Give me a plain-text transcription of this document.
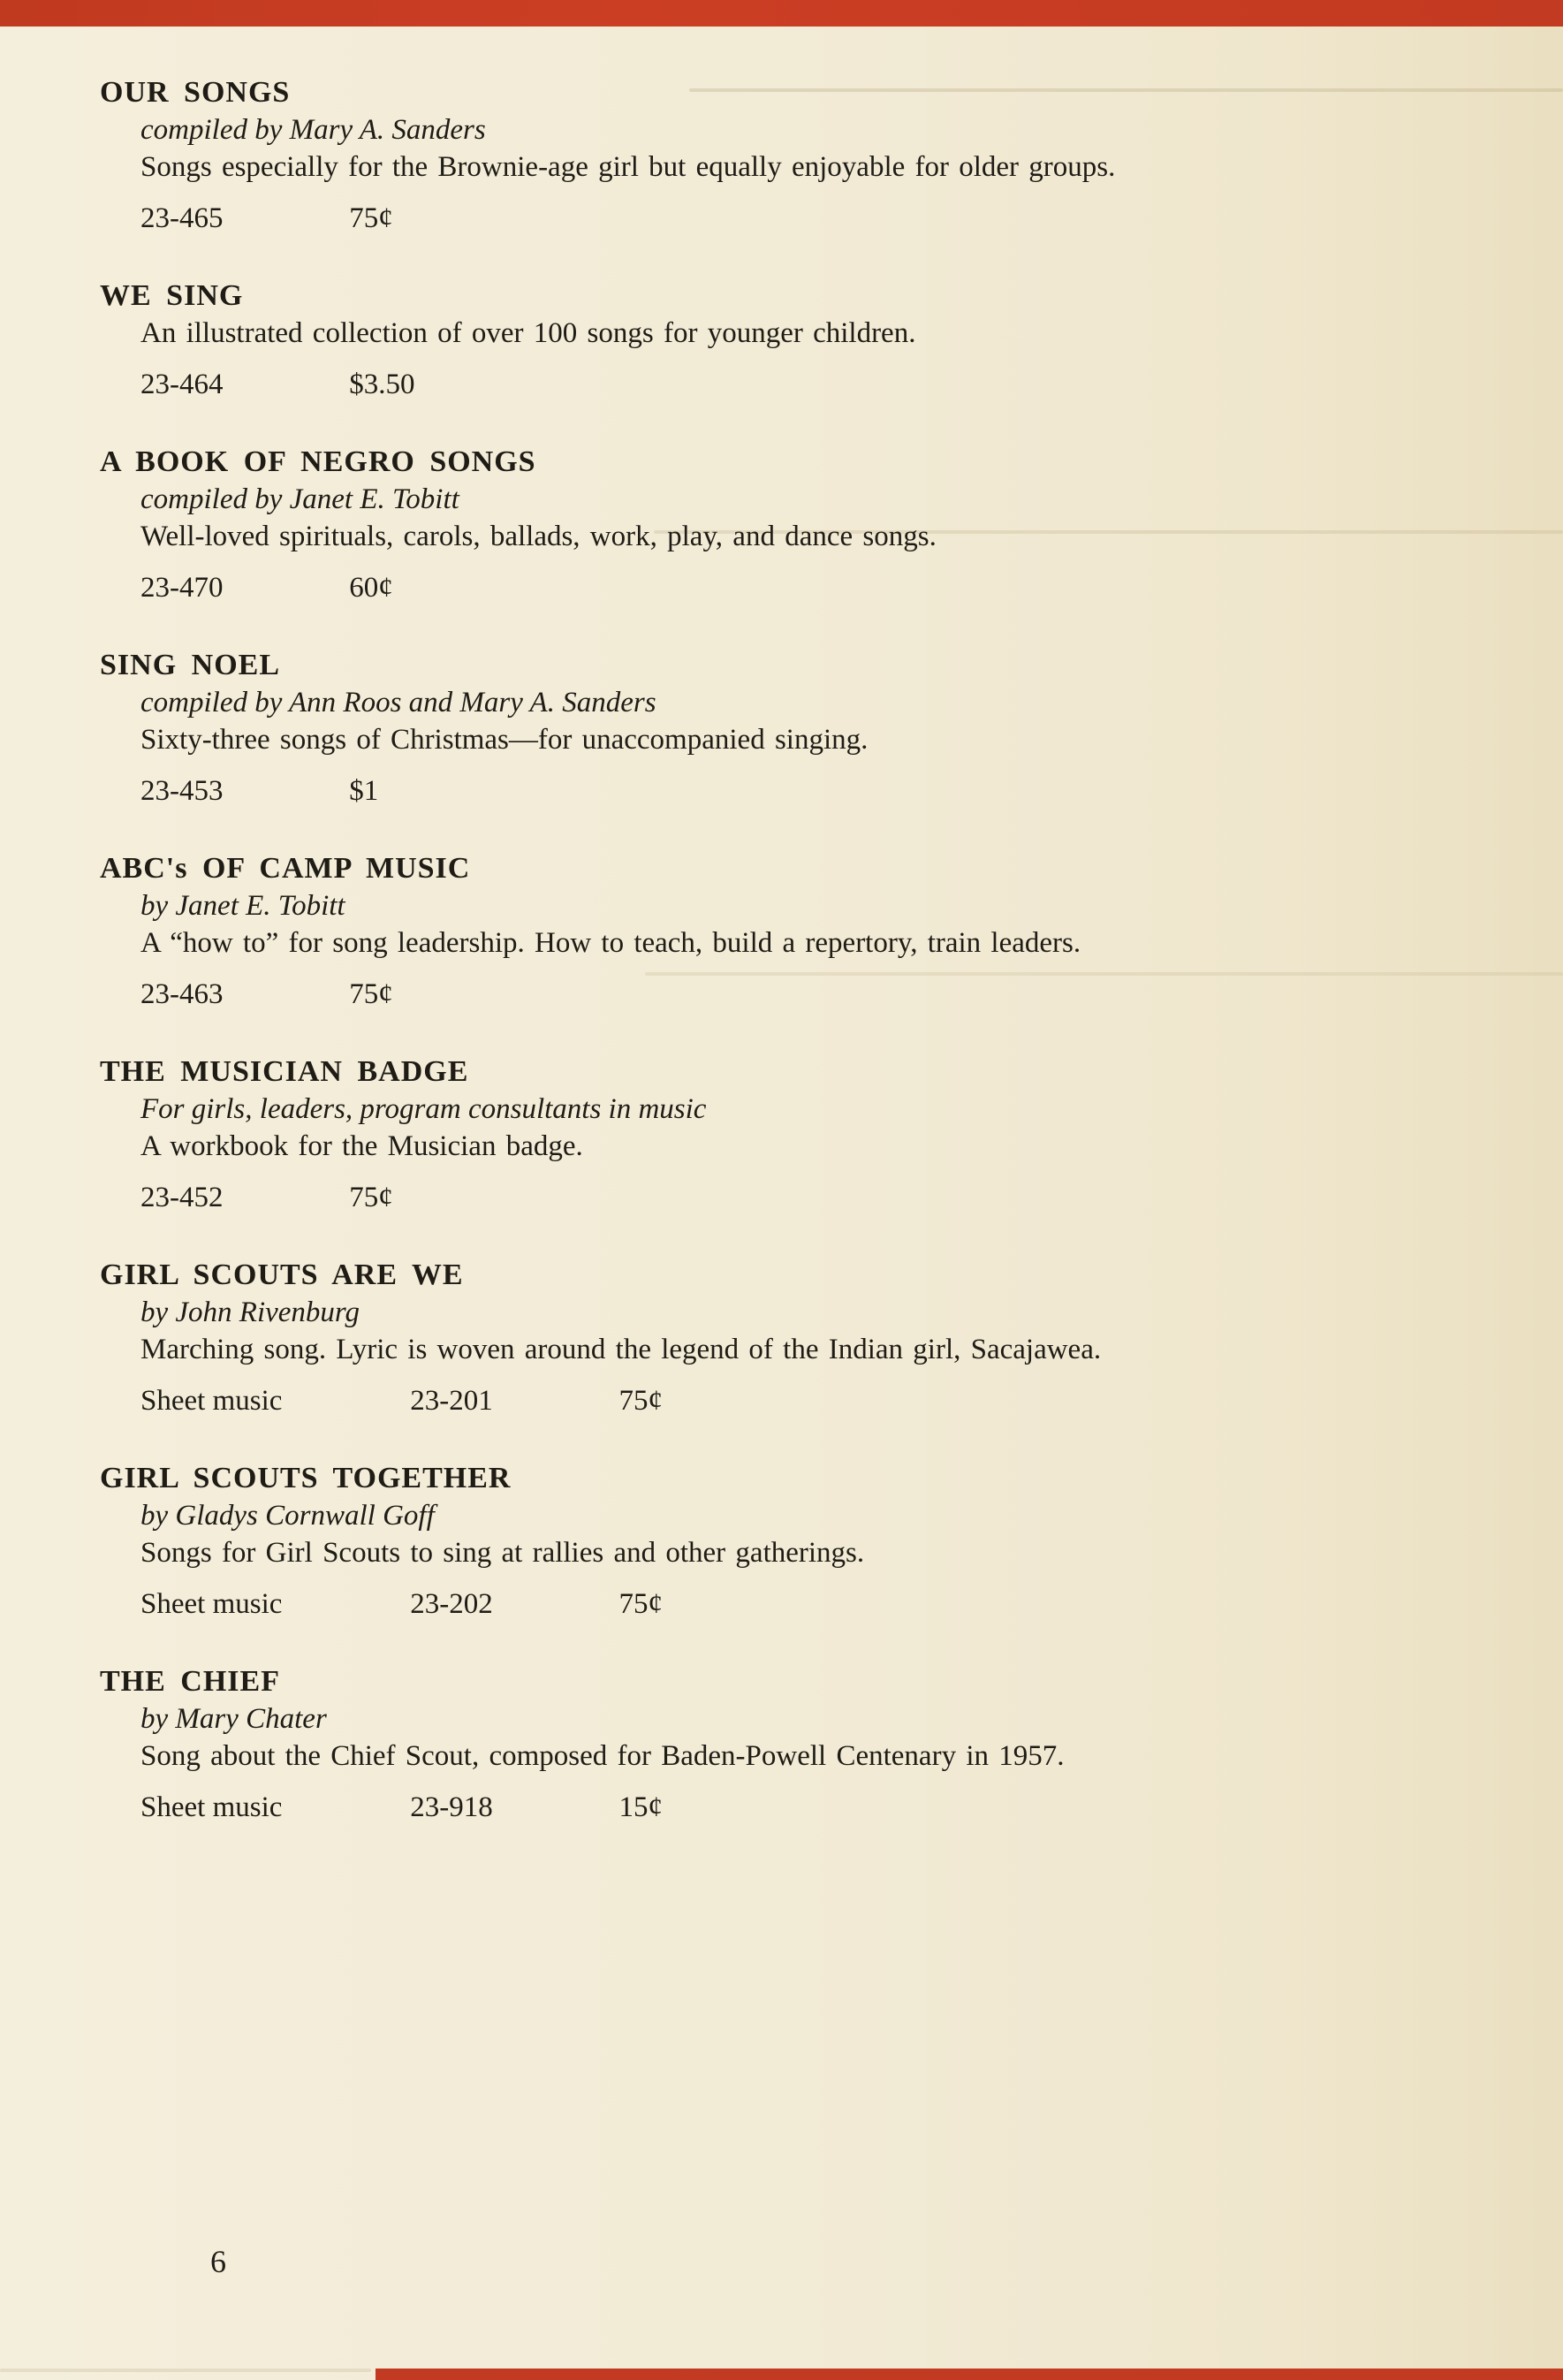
OUR SONGS
compiled by Mary A. Sanders
Songs especially for the Brownie-age girl but equally enjoyable for older groups.
23-465	75¢
WE SING
An illustrated collection of over 100 songs for younger children.
23-464	$3.50
A BOOK OF NEGRO SONGS
compiled by Janet E. Tobitt
Well-loved spirituals, carols, ballads, work, play, and dance songs.
23-470	60¢
SING NOEL
compiled by Ann Roos and Mary A. Sanders
Sixty-three songs of Christmas—for unaccompanied singing.
23-453	$1
ABC's OF CAMP MUSIC
by Janet E. Tobitt
A “how to” for song leadership. How to teach, build a repertory, train leaders.
23-463	75¢
THE MUSICIAN BADGE
For girls, leaders, program consultants in music
A workbook for the Musician badge.
23-452	75¢
GIRL SCOUTS ARE WE
by John Rivenburg
Marching song. Lyric is woven around the legend of the Indian girl, Sacajawea.
Sheet music	23-201	75¢
GIRL SCOUTS TOGETHER
by Gladys Cornwall Goff
Songs for Girl Scouts to sing at rallies and other gatherings.
Sheet music	23-202	75¢
THE CHIEF
by Mary Chater
Song about the Chief Scout, composed for Baden-Powell Centenary in 1957.
Sheet music	23-918	15¢
6
